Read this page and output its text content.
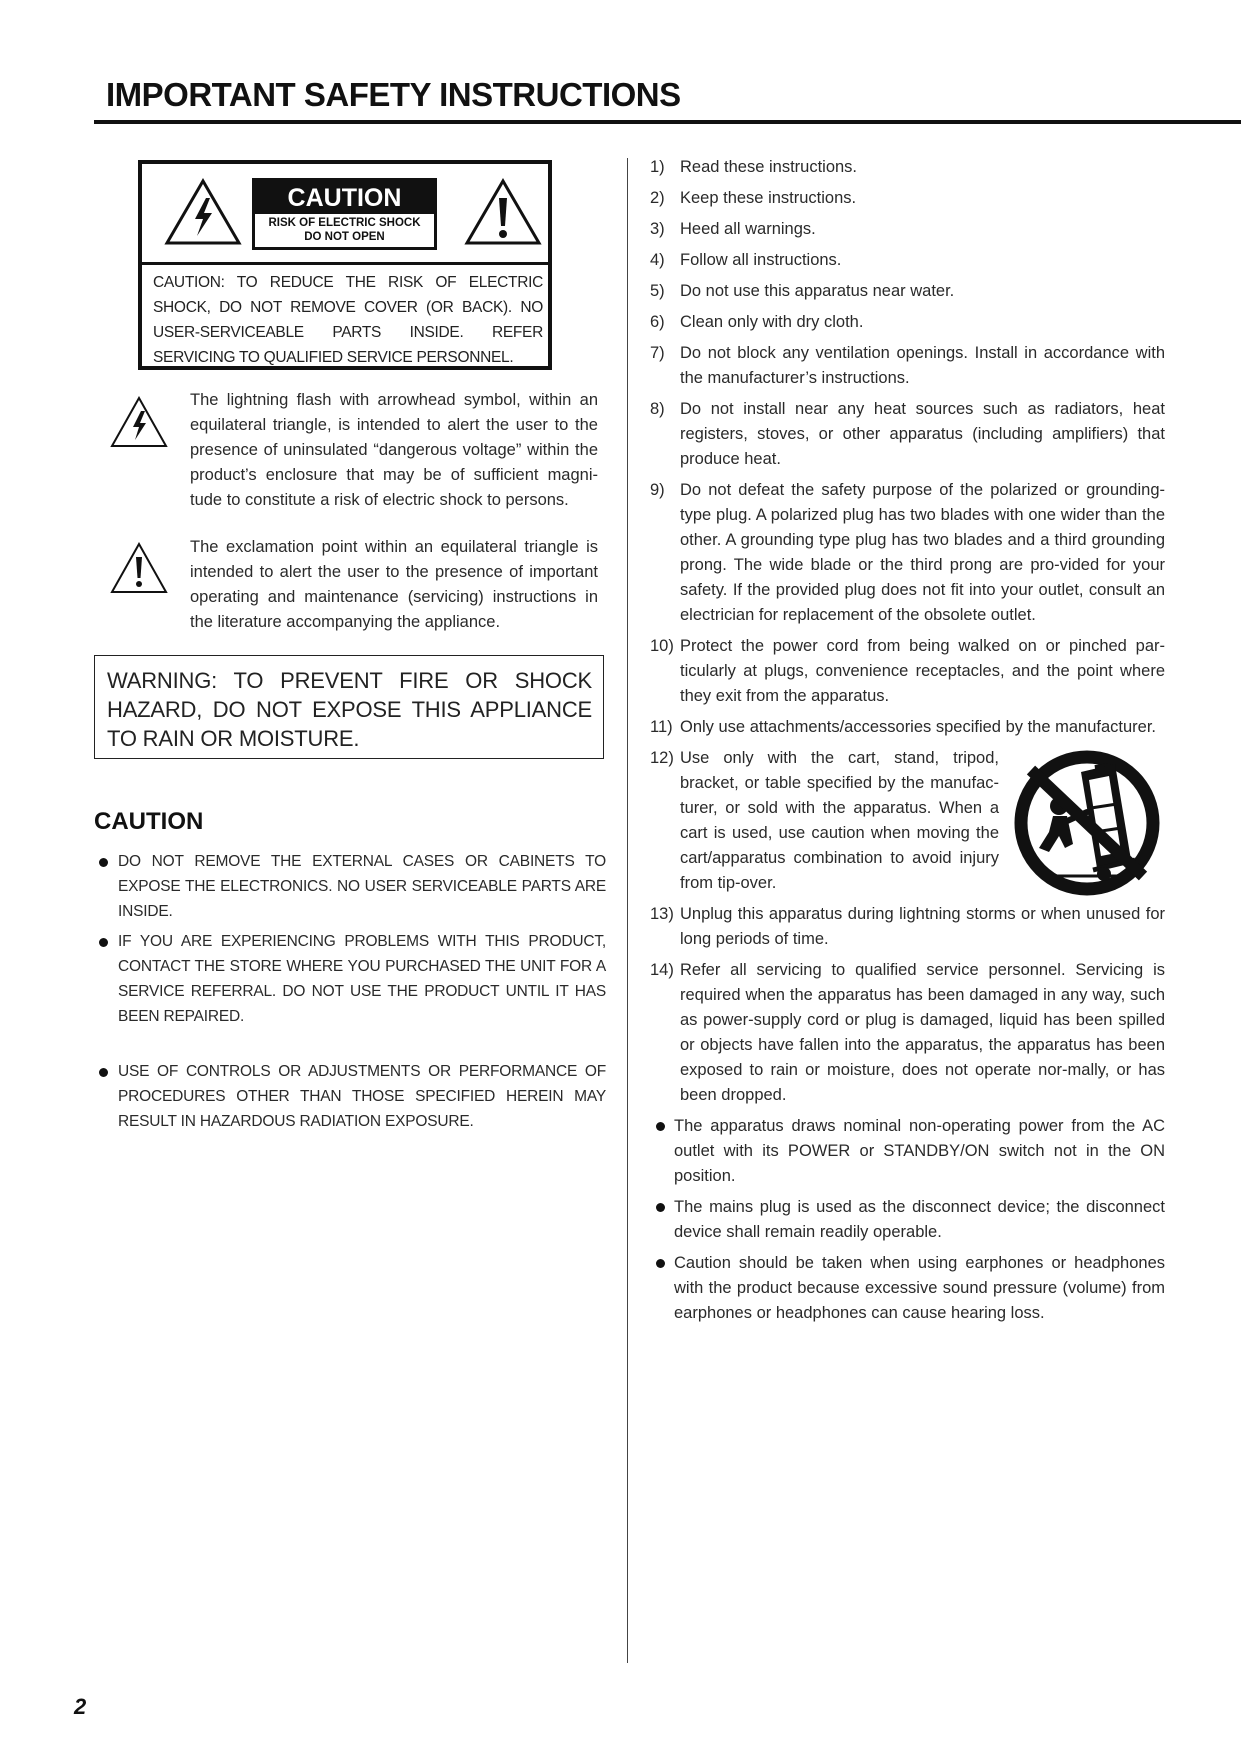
IMPORTANT SAFETY INSTRUCTIONS
CAUTION
RISK OF ELECTRIC SHOCK
DO NOT OPEN

CAUTION: TO REDUCE THE RISK OF ELECTRIC SHOCK, DO NOT REMOVE COVER (OR BACK). NO USER-SERVICEABLE PARTS INSIDE. REFER SERVICING TO QUALIFIED SERVICE PERSONNEL.

The lightning flash with arrowhead symbol, within an equilateral triangle, is intended to alert the user to the presence of uninsulated “dangerous voltage” within the product’s enclosure that may be of sufficient magni-tude to constitute a risk of electric shock to persons.

The exclamation point within an equilateral triangle is intended to alert the user to the presence of important operating and maintenance (servicing) instructions in the literature accompanying the appliance.

WARNING: TO PREVENT FIRE OR SHOCK HAZARD, DO NOT EXPOSE THIS APPLIANCE TO RAIN OR MOISTURE.

CAUTION

DO NOT REMOVE THE EXTERNAL CASES OR CABINETS TO EXPOSE THE ELECTRONICS. NO USER SERVICEABLE PARTS ARE INSIDE.

IF YOU ARE EXPERIENCING PROBLEMS WITH THIS PRODUCT, CONTACT THE STORE WHERE YOU PURCHASED THE UNIT FOR A SERVICE REFERRAL. DO NOT USE THE PRODUCT UNTIL IT HAS BEEN REPAIRED.

USE OF CONTROLS OR ADJUSTMENTS OR PERFORMANCE OF PROCEDURES OTHER THAN THOSE SPECIFIED HEREIN MAY RESULT IN HAZARDOUS RADIATION EXPOSURE.

1) Read these instructions.
2) Keep these instructions.
3) Heed all warnings.
4) Follow all instructions.
5) Do not use this apparatus near water.
6) Clean only with dry cloth.
7) Do not block any ventilation openings. Install in accordance with the manufacturer’s instructions.
8) Do not install near any heat sources such as radiators, heat registers, stoves, or other apparatus (including amplifiers) that produce heat.
9) Do not defeat the safety purpose of the polarized or grounding-type plug. A polarized plug has two blades with one wider than the other. A grounding type plug has two blades and a third grounding prong. The wide blade or the third prong are pro-vided for your safety. If the provided plug does not fit into your outlet, consult an electrician for replacement of the obsolete outlet.
10) Protect the power cord from being walked on or pinched par-ticularly at plugs, convenience receptacles, and the point where they exit from the apparatus.
11) Only use attachments/accessories specified by the manufacturer.
12) Use only with the cart, stand, tripod, bracket, or table specified by the manufac-turer, or sold with the apparatus. When a cart is used, use caution when moving the cart/apparatus combination to avoid injury from tip-over.
13) Unplug this apparatus during lightning storms or when unused for long periods of time.
14) Refer all servicing to qualified service personnel. Servicing is required when the apparatus has been damaged in any way, such as power-supply cord or plug is damaged, liquid has been spilled or objects have fallen into the apparatus, the apparatus has been exposed to rain or moisture, does not operate nor-mally, or has been dropped.
The apparatus draws nominal non-operating power from the AC outlet with its POWER or STANDBY/ON switch not in the ON position.
The mains plug is used as the disconnect device; the disconnect device shall remain readily operable.
Caution should be taken when using earphones or headphones with the product because excessive sound pressure (volume) from earphones or headphones can cause hearing loss.

2
